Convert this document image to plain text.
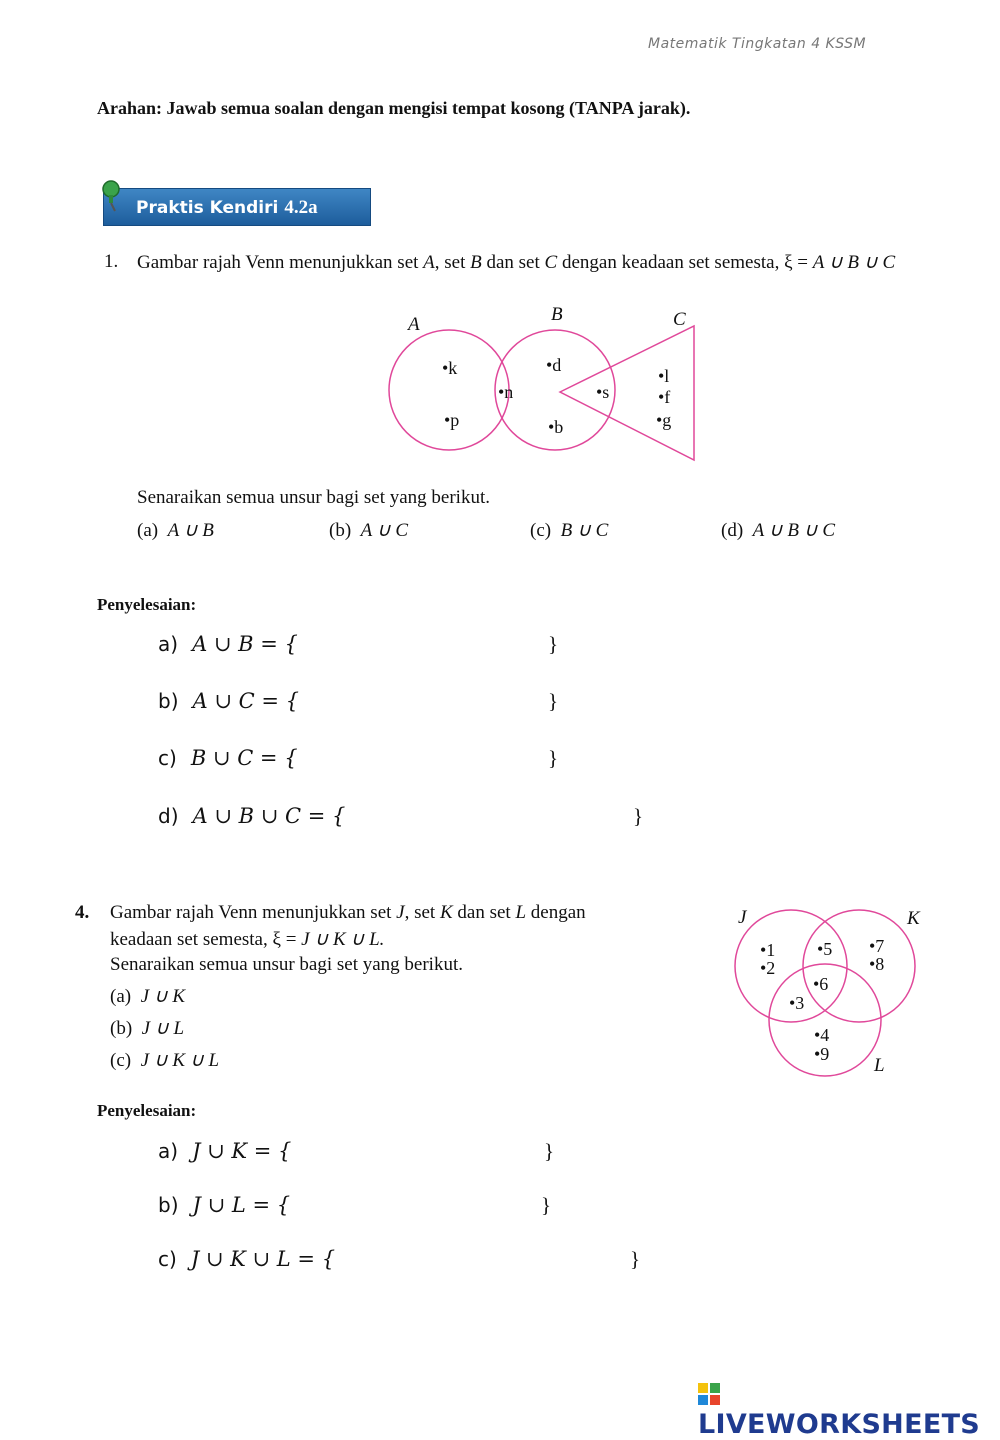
Matematik Tingkatan 4 KSSM
Arahan: Jawab semua soalan dengan mengisi tempat kosong (TANPA jarak).
Praktis Kendiri 4.2a
1. Gambar rajah Venn menunjukkan set A, set B dan set C dengan keadaan set semesta, ξ = A ∪ B ∪ C
A	B	C
•k
•p
•n
•d
•b
•s
•l
•f
•g
Senaraikan semua unsur bagi set yang berikut.
(a) A ∪ B	(b) A ∪ C	(c) B ∪ C	(d) A ∪ B ∪ C
Penyelesaian:
a) A ∪ B = {	}
b) A ∪ C = {	}
c) B ∪ C = {	}
d) A ∪ B ∪ C = {	}
4. Gambar rajah Venn menunjukkan set J, set K dan set L dengan
keadaan set semesta, ξ = J ∪ K ∪ L.
Senaraikan semua unsur bagi set yang berikut.
(a) J ∪ K
(b) J ∪ L
(c) J ∪ K ∪ L
J	K
L
•1
•2
•5 •7
•8
•6
•3
•4
•9
Penyelesaian:
a) J ∪ K = {	}
b) J ∪ L = {	}
c) J ∪ K ∪ L = {	}
LIVEWORKSHEETS
